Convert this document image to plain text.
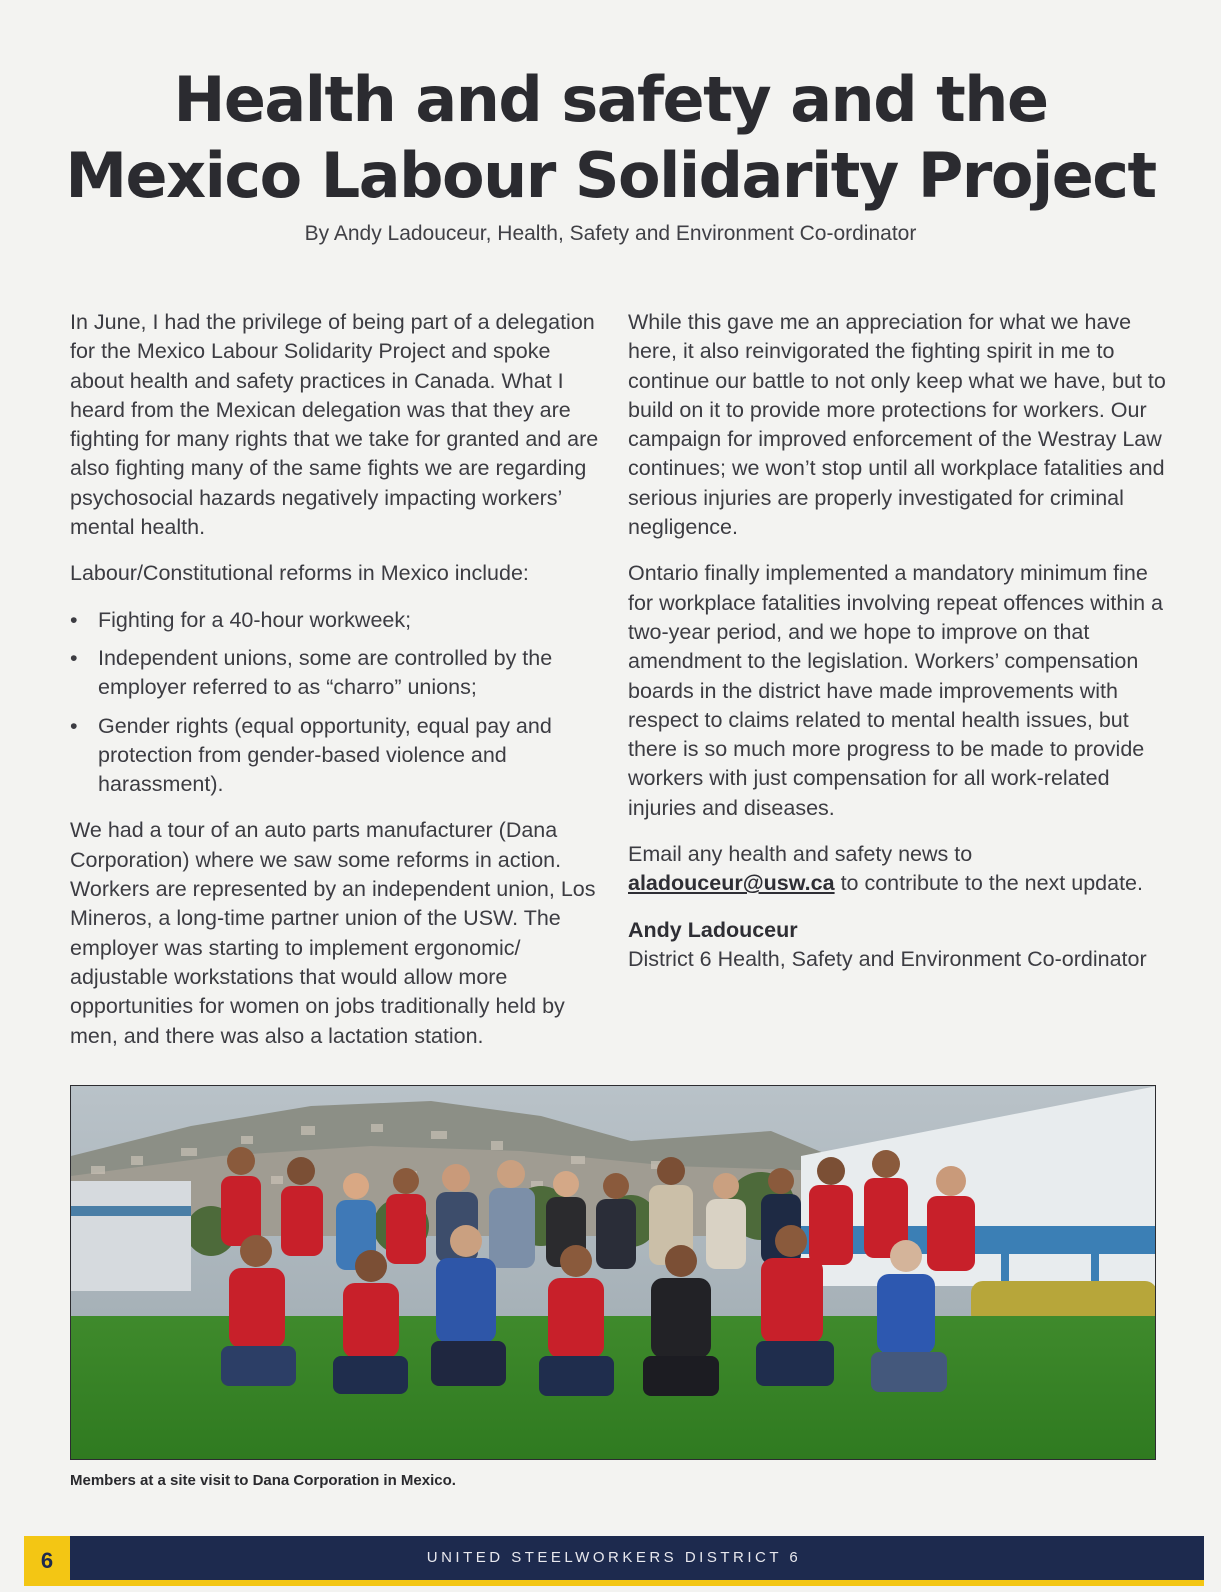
Health and safety and the
Mexico Labour Solidarity Project
By Andy Ladouceur, Health, Safety and Environment Co-ordinator

In June, I had the privilege of being part of a delegation for the Mexico Labour Solidarity Project and spoke about health and safety practices in Canada. What I heard from the Mexican delegation was that they are fighting for many rights that we take for granted and are also fighting many of the same fights we are regarding psychosocial hazards negatively impacting workers’ mental health.

Labour/Constitutional reforms in Mexico include:

• Fighting for a 40-hour workweek;
• Independent unions, some are controlled by the employer referred to as “charro” unions;
• Gender rights (equal opportunity, equal pay and protection from gender-based violence and harassment).

We had a tour of an auto parts manufacturer (Dana Corporation) where we saw some reforms in action. Workers are represented by an independent union, Los Mineros, a long-time partner union of the USW. The employer was starting to implement ergonomic/ adjustable workstations that would allow more opportunities for women on jobs traditionally held by men, and there was also a lactation station.

While this gave me an appreciation for what we have here, it also reinvigorated the fighting spirit in me to continue our battle to not only keep what we have, but to build on it to provide more protections for workers. Our campaign for improved enforcement of the Westray Law continues; we won’t stop until all workplace fatalities and serious injuries are properly investigated for criminal negligence.

Ontario finally implemented a mandatory minimum fine for workplace fatalities involving repeat offences within a two-year period, and we hope to improve on that amendment to the legislation. Workers’ compensation boards in the district have made improvements with respect to claims related to mental health issues, but there is so much more progress to be made to provide workers with just compensation for all work-related injuries and diseases.

Email any health and safety news to
aladouceur@usw.ca to contribute to the next update.

Andy Ladouceur

District 6 Health, Safety and Environment Co-ordinator

Members at a site visit to Dana Corporation in Mexico.
6	UNITED STEELWORKERS DISTRICT 6
